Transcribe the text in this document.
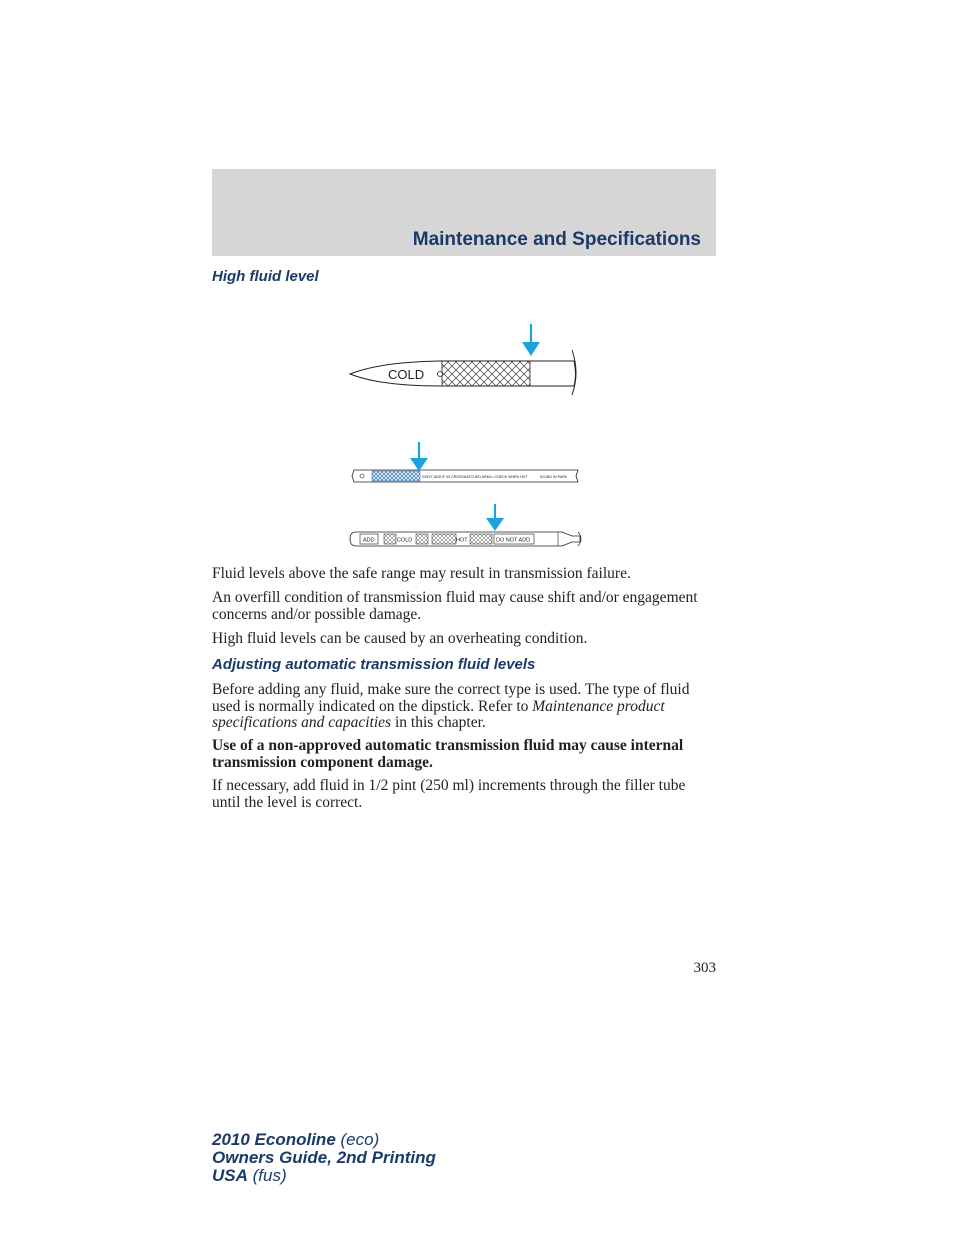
Maintenance and Specifications
High fluid level
COLD
DON'T ADD IF IN CROSSHATCHED AREA • CHECK WHEN HOT	IDLING IN PARK
ADD	COLD	HOT	DO NOT ADD
Fluid levels above the safe range may result in transmission failure.
An overfill condition of transmission fluid may cause shift and/or engagement concerns and/or possible damage.
High fluid levels can be caused by an overheating condition.
Adjusting automatic transmission fluid levels
Before adding any fluid, make sure the correct type is used. The type of fluid used is normally indicated on the dipstick. Refer to Maintenance product specifications and capacities in this chapter.
Use of a non-approved automatic transmission fluid may cause internal transmission component damage.
If necessary, add fluid in 1/2 pint (250 ml) increments through the filler tube until the level is correct.
303
2010 Econoline (eco)
Owners Guide, 2nd Printing
USA (fus)
